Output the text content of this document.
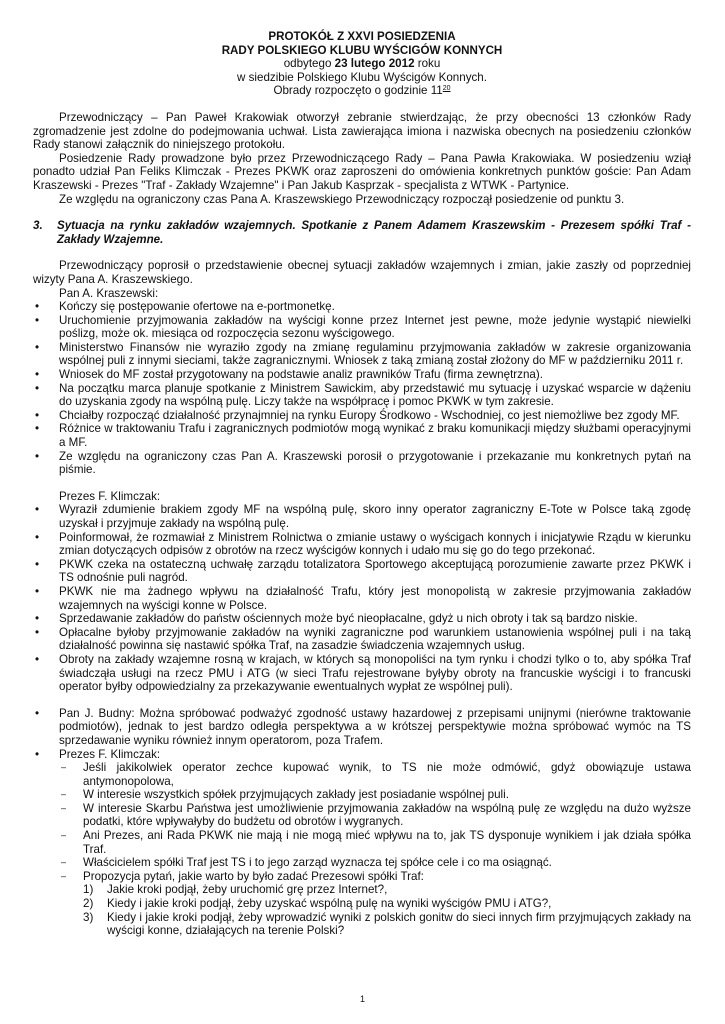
PROTOKÓŁ Z XXVI POSIEDZENIA
RADY POLSKIEGO KLUBU WYŚCIGÓW KONNYCH
odbytego 23 lutego 2012 roku
w siedzibie Polskiego Klubu Wyścigów Konnych.
Obrady rozpoczęto o godzinie $11^{20}$

Przewodniczący – Pan Paweł Krakowiak otworzył zebranie stwierdzając, że przy obecności 13 członków Rady zgromadzenie jest zdolne do podejmowania uchwał. Lista zawierająca imiona i nazwiska obecnych na posiedzeniu członków Rady stanowi załącznik do niniejszego protokołu.

Posiedzenie Rady prowadzone było przez Przewodniczącego Rady – Pana Pawła Krakowiaka. W posiedzeniu wziął ponadto udział Pan Feliks Klimczak - Prezes PKWK oraz zaproszeni do omówienia konkretnych punktów goście: Pan Adam Kraszewski - Prezes "Traf - Zakłady Wzajemne" i Pan Jakub Kasprzak - specjalista z WTWK - Partynice.

Ze względu na ograniczony czas Pana A. Kraszewskiego Przewodniczący rozpoczął posiedzenie od punktu 3.

3.	Sytuacja na rynku zakładów wzajemnych. Spotkanie z Panem Adamem Kraszewskim - Prezesem spółki Traf - Zakłady Wzajemne.

Przewodniczący poprosił o przedstawienie obecnej sytuacji zakładów wzajemnych i zmian, jakie zaszły od poprzedniej wizyty Pana A. Kraszewskiego.

Pan A. Kraszewski:

• Kończy się postępowanie ofertowe na e-portmonetkę.
• Uruchomienie przyjmowania zakładów na wyścigi konne przez Internet jest pewne, może jedynie wystąpić niewielki poślizg, może ok. miesiąca od rozpoczęcia sezonu wyścigowego.
• Ministerstwo Finansów nie wyraziło zgody na zmianę regulaminu przyjmowania zakładów w zakresie organizowania wspólnej puli z innymi sieciami, także zagranicznymi. Wniosek z taką zmianą został złożony do MF w październiku 2011 r.
• Wniosek do MF został przygotowany na podstawie analiz prawników Trafu (firma zewnętrzna).
• Na początku marca planuje spotkanie z Ministrem Sawickim, aby przedstawić mu sytuację i uzyskać wsparcie w dążeniu do uzyskania zgody na wspólną pulę. Liczy także na współpracę i pomoc PKWK w tym zakresie.
• Chciałby rozpocząć działalność przynajmniej na rynku Europy Środkowo - Wschodniej, co jest niemożliwe bez zgody MF.
• Różnice w traktowaniu Trafu i zagranicznych podmiotów mogą wynikać z braku komunikacji między służbami operacyjnymi a MF.
• Ze względu na ograniczony czas Pan A. Kraszewski porosił o przygotowanie i przekazanie mu konkretnych pytań na piśmie.

Prezes F. Klimczak:

• Wyraził zdumienie brakiem zgody MF na wspólną pulę, skoro inny operator zagraniczny E-Tote w Polsce taką zgodę uzyskał i przyjmuje zakłady na wspólną pulę.
• Poinformował, że rozmawiał z Ministrem Rolnictwa o zmianie ustawy o wyścigach konnych i inicjatywie Rządu w kierunku zmian dotyczących odpisów z obrotów na rzecz wyścigów konnych i udało mu się go do tego przekonać.
• PKWK czeka na ostateczną uchwałę zarządu totalizatora Sportowego akceptującą porozumienie zawarte przez PKWK i TS odnośnie puli nagród.
• PKWK nie ma żadnego wpływu na działalność Trafu, który jest monopolistą w zakresie przyjmowania zakładów wzajemnych na wyścigi konne w Polsce.
• Sprzedawanie zakładów do państw ościennych może być nieopłacalne, gdyż u nich obroty i tak są bardzo niskie.
• Opłacalne byłoby przyjmowanie zakładów na wyniki zagraniczne pod warunkiem ustanowienia wspólnej puli i na taką działalność powinna się nastawić spółka Traf, na zasadzie świadczenia wzajemnych usług.
• Obroty na zakłady wzajemne rosną w krajach, w których są monopoliści na tym rynku i chodzi tylko o to, aby spółka Traf świadcząła usługi na rzecz PMU i ATG (w sieci Trafu rejestrowane byłyby obroty na francuskie wyścigi i to francuski operator byłby odpowiedzialny za przekazywanie ewentualnych wypłat ze wspólnej puli).
• Pan J. Budny: Można spróbować podważyć zgodność ustawy hazardowej z przepisami unijnymi (nierówne traktowanie podmiotów), jednak to jest bardzo odległa perspektywa a w krótszej perspektywie można spróbować wymóc na TS sprzedawanie wyniku również innym operatorom, poza Trafem.
• Prezes F. Klimczak:
– Jeśli jakikolwiek operator zechce kupować wynik, to TS nie może odmówić, gdyż obowiązuje ustawa antymonopolowa,
– W interesie wszystkich spółek przyjmujących zakłady jest posiadanie wspólnej puli.
– W interesie Skarbu Państwa jest umożliwienie przyjmowania zakładów na wspólną pulę ze względu na dużo wyższe podatki, które wpływałyby do budżetu od obrotów i wygranych.
– Ani Prezes, ani Rada PKWK nie mają i nie mogą mieć wpływu na to, jak TS dysponuje wynikiem i jak działa spółka Traf.
– Właścicielem spółki Traf jest TS i to jego zarząd wyznacza tej spółce cele i co ma osiągnąć.
– Propozycja pytań, jakie warto by było zadać Prezesowi spółki Traf:
1)	Jakie kroki podjął, żeby uruchomić grę przez Internet?,
2)	Kiedy i jakie kroki podjął, żeby uzyskać wspólną pulę na wyniki wyścigów PMU i ATG?,
3)	Kiedy i jakie kroki podjął, żeby wprowadzić wyniki z polskich gonitw do sieci innych firm przyjmujących zakłady na wyścigi konne, działających na terenie Polski?
1
